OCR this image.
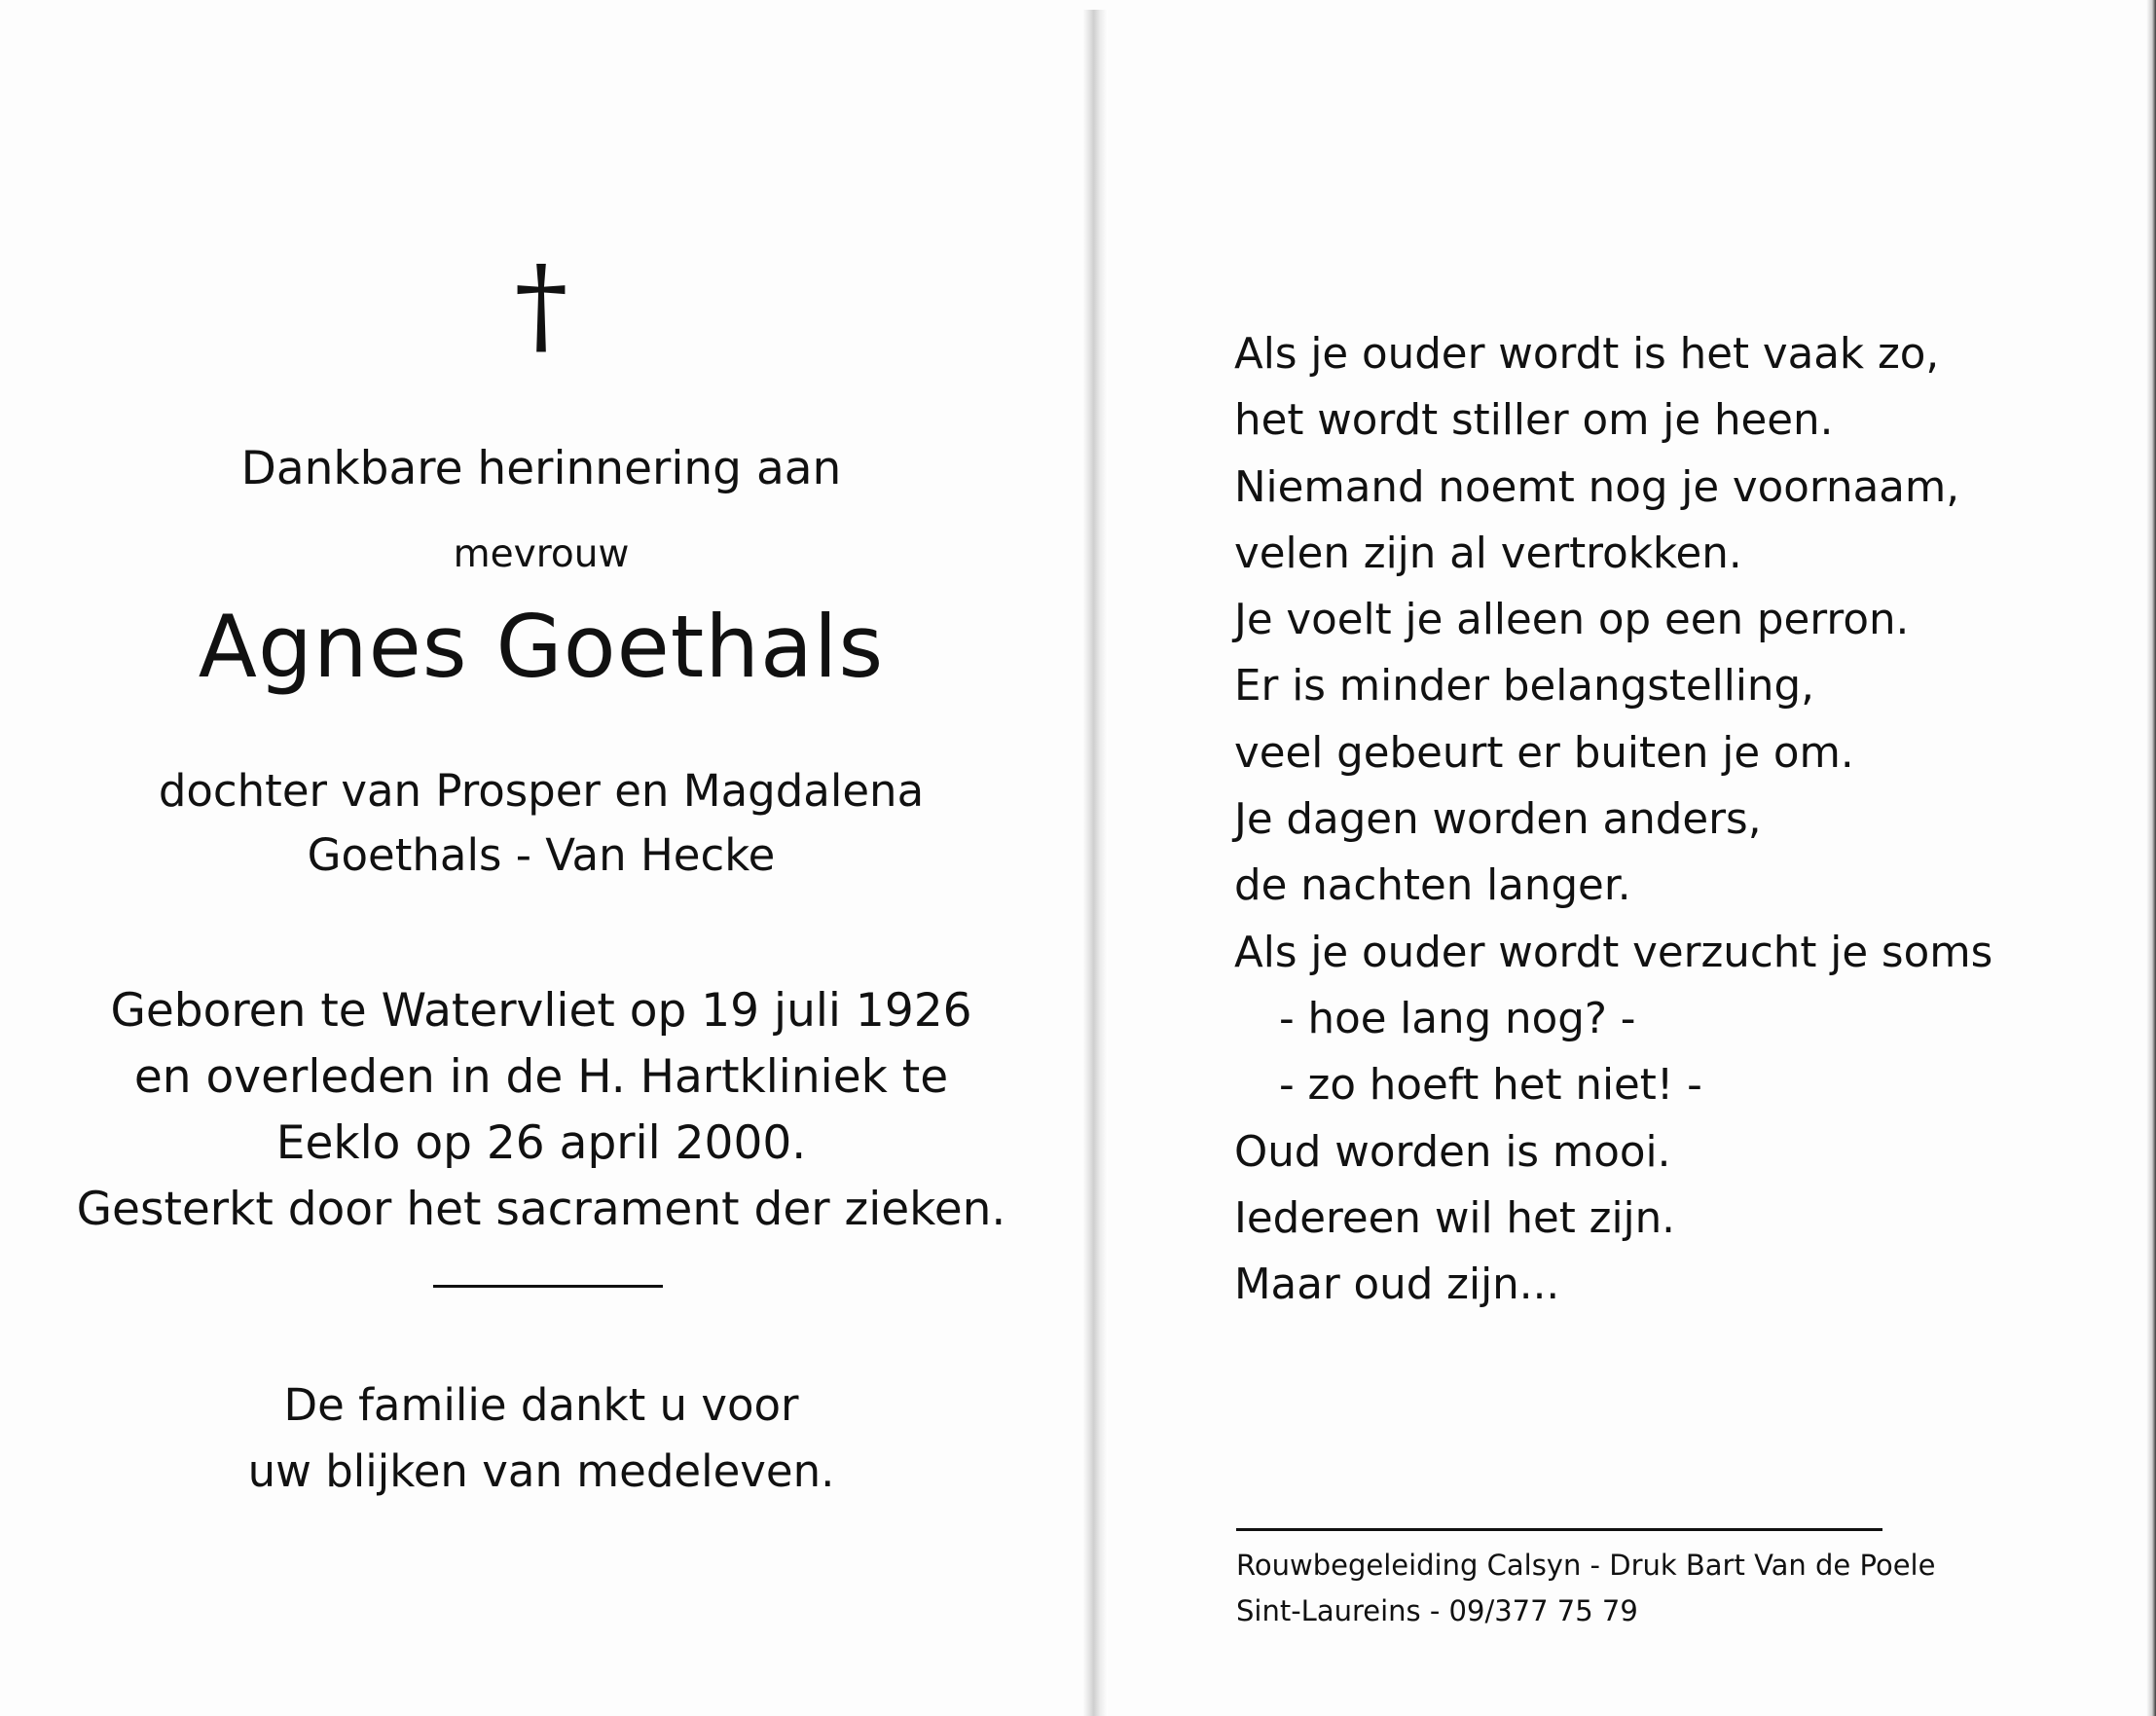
†
Dankbare herinnering aan
mevrouw
Agnes Goethals
dochter van Prosper en Magdalena
Goethals - Van Hecke
Geboren te Watervliet op 19 juli 1926
en overleden in de H. Hartkliniek te
Eeklo op 26 april 2000.
Gesterkt door het sacrament der zieken.
De familie dankt u voor
uw blijken van medeleven.
Als je ouder wordt is het vaak zo,
het wordt stiller om je heen.
Niemand noemt nog je voornaam,
velen zijn al vertrokken.
Je voelt je alleen op een perron.
Er is minder belangstelling,
veel gebeurt er buiten je om.
Je dagen worden anders,
de nachten langer.
Als je ouder wordt verzucht je soms
- hoe lang nog? -
- zo hoeft het niet! -
Oud worden is mooi.
Iedereen wil het zijn.
Maar oud zijn...
Rouwbegeleiding Calsyn - Druk Bart Van de Poele
Sint-Laureins - 09/377 75 79
